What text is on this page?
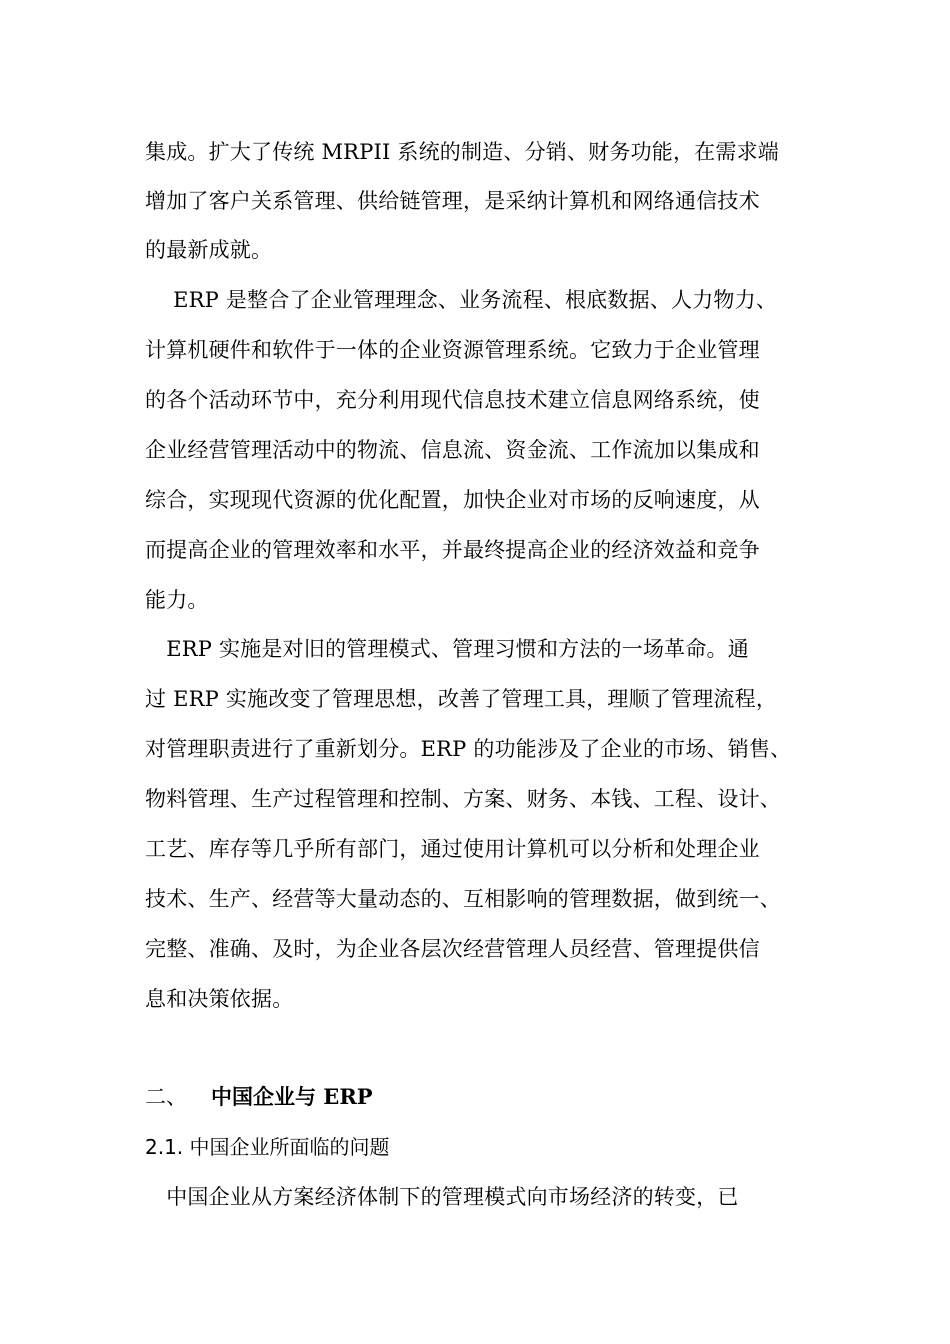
集成。扩大了传统 MRPII 系统的制造、分销、财务功能，在需求端
增加了客户关系管理、供给链管理，是采纳计算机和网络通信技术
的最新成就。
　 ERP 是整合了企业管理理念、业务流程、根底数据、人力物力、
计算机硬件和软件于一体的企业资源管理系统。它致力于企业管理
的各个活动环节中，充分利用现代信息技术建立信息网络系统，使
企业经营管理活动中的物流、信息流、资金流、工作流加以集成和
综合，实现现代资源的优化配置，加快企业对市场的反响速度，从
而提高企业的管理效率和水平，并最终提高企业的经济效益和竞争
能力。
　ERP 实施是对旧的管理模式、管理习惯和方法的一场革命。通
过 ERP 实施改变了管理思想，改善了管理工具，理顺了管理流程，
对管理职责进行了重新划分。ERP 的功能涉及了企业的市场、销售、
物料管理、生产过程管理和控制、方案、财务、本钱、工程、设计、
工艺、库存等几乎所有部门，通过使用计算机可以分析和处理企业
技术、生产、经营等大量动态的、互相影响的管理数据，做到统一、
完整、准确、及时，为企业各层次经营管理人员经营、管理提供信
息和决策依据。
二、 中国企业与 ERP
2.1. 中国企业所面临的问题
　中国企业从方案经济体制下的管理模式向市场经济的转变，已
